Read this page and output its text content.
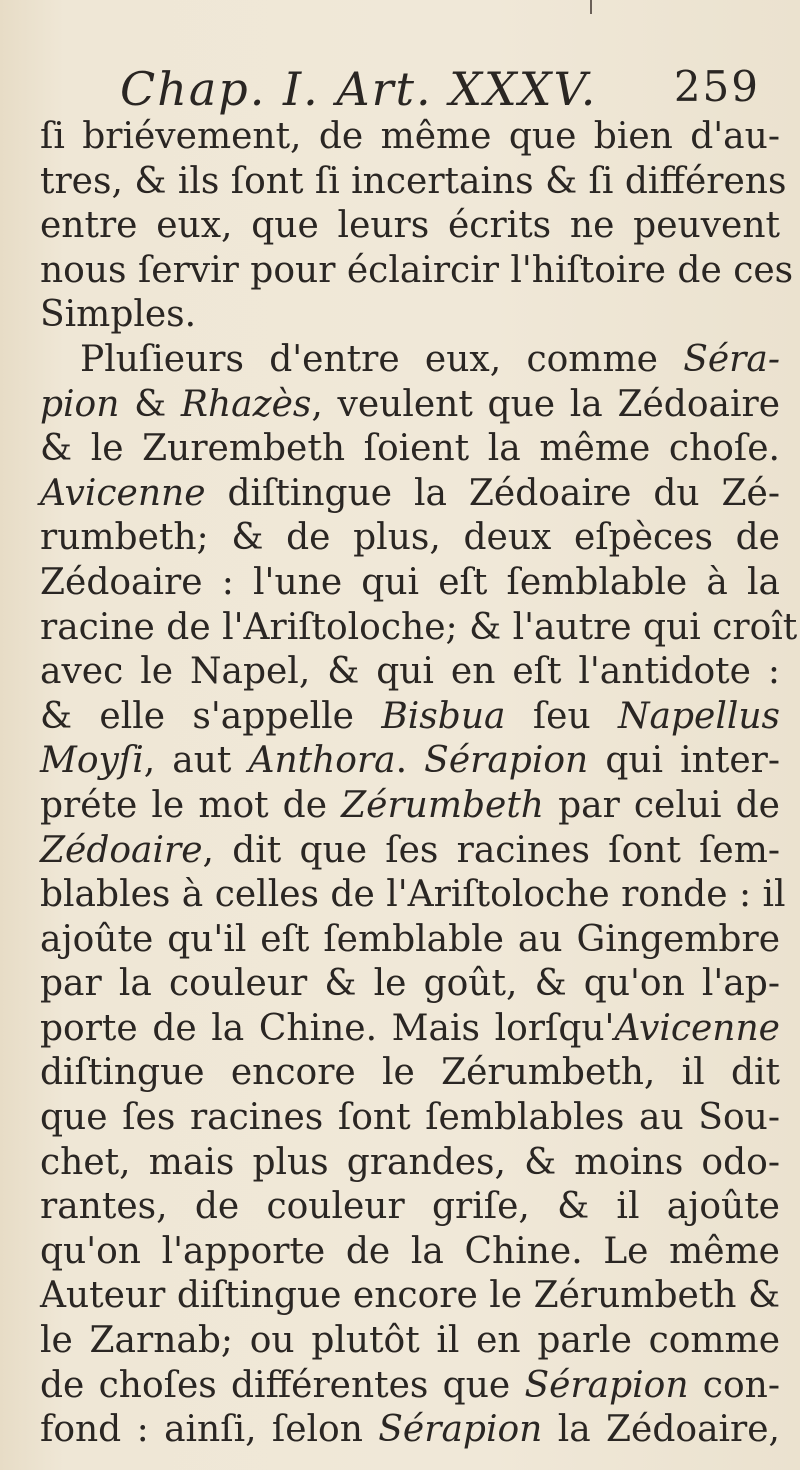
Chap. I. Art. XXXV. 259
ſi briévement, de même que bien d'au-
tres, & ils ſont ſi incertains & ſi différens
entre eux, que leurs écrits ne peuvent
nous ſervir pour éclaircir l'hiſtoire de ces
Simples.
Pluſieurs d'entre eux, comme Séra-
pion & Rhazès, veulent que la Zédoaire
& le Zurembeth ſoient la même choſe.
Avicenne diſtingue la Zédoaire du Zé-
rumbeth; & de plus, deux eſpèces de
Zédoaire : l'une qui eſt ſemblable à la
racine de l'Ariſtoloche; & l'autre qui croît
avec le Napel, & qui en eſt l'antidote :
& elle s'appelle Bisbua ſeu Napellus
Moyſi, aut Anthora. Sérapion qui inter-
préte le mot de Zérumbeth par celui de
Zédoaire, dit que ſes racines ſont ſem-
blables à celles de l'Ariſtoloche ronde : il
ajoûte qu'il eſt ſemblable au Gingembre
par la couleur & le goût, & qu'on l'ap-
porte de la Chine. Mais lorſqu'Avicenne
diſtingue encore le Zérumbeth, il dit
que ſes racines ſont ſemblables au Sou-
chet, mais plus grandes, & moins odo-
rantes, de couleur griſe, & il ajoûte
qu'on l'apporte de la Chine. Le même
Auteur diſtingue encore le Zérumbeth &
le Zarnab; ou plutôt il en parle comme
de choſes différentes que Sérapion con-
fond : ainſi, ſelon Sérapion la Zédoaire,
